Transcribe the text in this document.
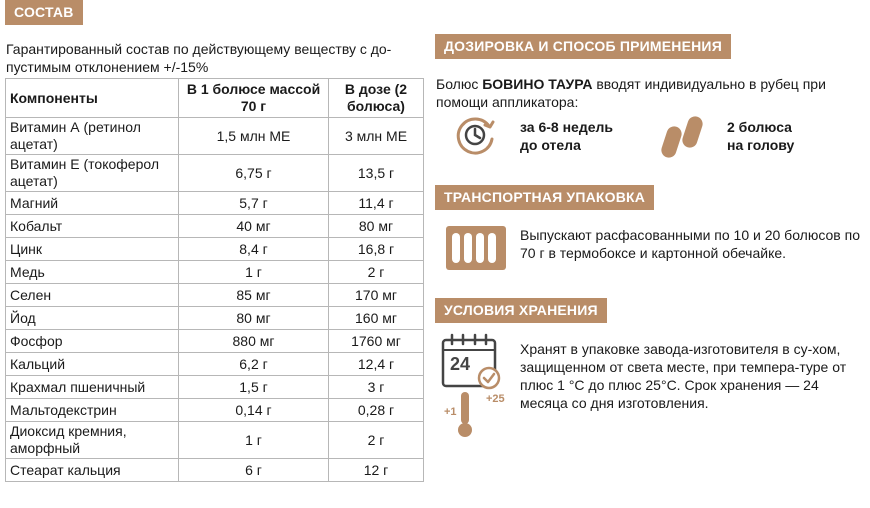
СОСТАВ
Гарантированный состав по действующему веществу с до-пустимым отклонением +/-15%
Компоненты	В 1 болюсе массой 70 г	В дозе (2 болюса)
Витамин А (ретинол ацетат)	1,5 млн МЕ	3 млн МЕ
Витамин Е (токоферол ацетат)	6,75 г	13,5 г
Магний	5,7 г	11,4 г
Кобальт	40 мг	80 мг
Цинк	8,4 г	16,8 г
Медь	1 г	2 г
Селен	85 мг	170 мг
Йод	80 мг	160 мг
Фосфор	880 мг	1760 мг
Кальций	6,2 г	12,4 г
Крахмал пшеничный	1,5 г	3 г
Мальтодекстрин	0,14 г	0,28 г
Диоксид кремния, аморфный	1 г	2 г
Стеарат кальция	6 г	12 г
ДОЗИРОВКА И СПОСОБ ПРИМЕНЕНИЯ
Болюс БОВИНО ТАУРА вводят индивидуально в рубец при помощи аппликатора:
за 6-8 недель
до отела
2 болюса
на голову
ТРАНСПОРТНАЯ УПАКОВКА
Выпускают расфасованными по 10 и 20 болюсов по 70 г в термобоксе и картонной обечайке.
УСЛОВИЯ ХРАНЕНИЯ
24
+1
+25
Хранят в упаковке завода-изготовителя в су-хом, защищенном от света месте, при темпера-туре от плюс 1 °С до плюс 25°С. Срок хранения — 24 месяца со дня изготовления.
